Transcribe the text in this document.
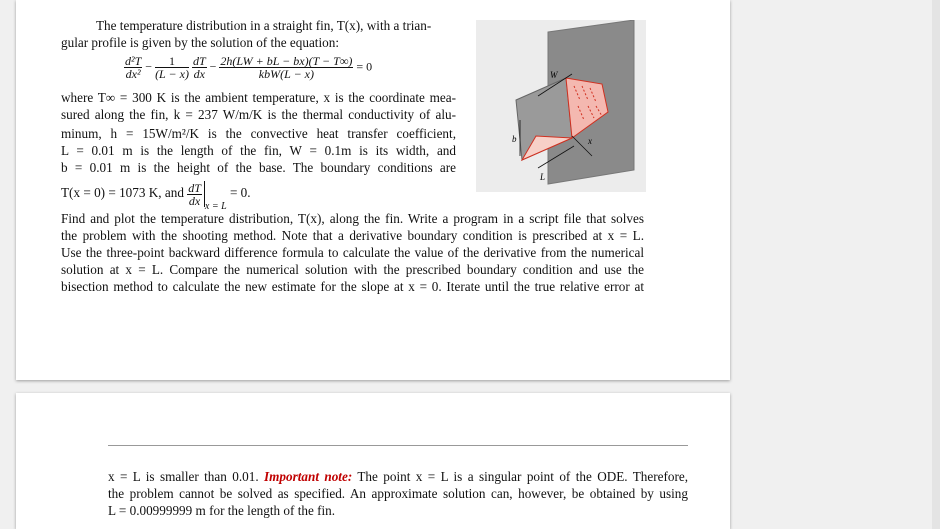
The temperature distribution in a straight fin, T(x), with a trian-
gular profile is given by the solution of the equation:
$\frac{\text{d²T}}{\text{dx²}} - \frac{1}{(L - x)}$
$\frac{dT}{dx} - \frac{2h(LW + bL - bx)(T - T\infty)}{\text{kbW(L − x)}} = 0$
where T∞ = 300 K is the ambient temperature, x is the coordinate mea-
sured along the fin, k = 237 W/m/K is the thermal conductivity of alu-
minum, h = 15W/m²/K is the convective heat transfer coefficient,
L = 0.01 m is the length of the fin, W = 0.1m is its width, and
b = 0.01 m is the height of the base. The boundary conditions are
T(x = 0) = 1073 K, and $\frac{dT}{dx}$
$_{x = L}$ = 0.
W
b
L
x
Find and plot the temperature distribution, T(x), along the fin. Write a program in a script file that solves
the problem with the shooting method. Note that a derivative boundary condition is prescribed at x = L.
Use the three-point backward difference formula to calculate the value of the derivative from the numerical
solution at x = L. Compare the numerical solution with the prescribed boundary condition and use the
bisection method to calculate the new estimate for the slope at x = 0. Iterate until the true relative error at
x = L is smaller than 0.01. Important note: The point x = L is a singular point of the ODE. Therefore,
the problem cannot be solved as specified. An approximate solution can, however, be obtained by using
L = 0.00999999 m for the length of the fin.
